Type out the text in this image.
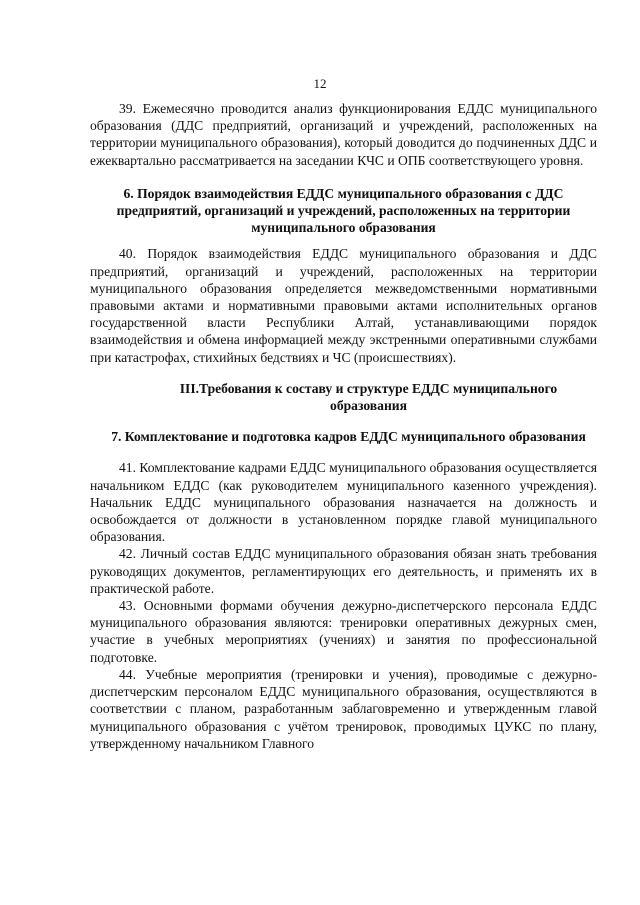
12

39. Ежемесячно проводится анализ функционирования ЕДДС муниципального образования (ДДС предприятий, организаций и учреждений, расположенных на территории муниципального образования), который доводится до подчиненных ДДС и ежеквартально рассматривается на заседании КЧС и ОПБ соответствующего уровня.

6. Порядок взаимодействия ЕДДС муниципального образования с ДДС предприятий, организаций и учреждений, расположенных на территории муниципального образования

40. Порядок взаимодействия ЕДДС муниципального образования и ДДС предприятий, организаций и учреждений, расположенных на территории муниципального образования определяется межведомственными нормативными правовыми актами и нормативными правовыми актами исполнительных органов государственной власти Республики Алтай, устанавливающими порядок взаимодействия и обмена информацией между экстренными оперативными службами при катастрофах, стихийных бедствиях и ЧС (происшествиях).

III.Требования к составу и структуре ЕДДС муниципального образования

7. Комплектование и подготовка кадров ЕДДС муниципального образования

41. Комплектование кадрами ЕДДС муниципального образования осуществляется начальником ЕДДС (как руководителем муниципального казенного учреждения). Начальник ЕДДС муниципального образования назначается на должность и освобождается от должности в установленном порядке главой муниципального образования.

42. Личный состав ЕДДС муниципального образования обязан знать требования руководящих документов, регламентирующих его деятельность, и применять их в практической работе.

43. Основными формами обучения дежурно-диспетчерского персонала ЕДДС муниципального образования являются: тренировки оперативных дежурных смен, участие в учебных мероприятиях (учениях) и занятия по профессиональной подготовке.

44. Учебные мероприятия (тренировки и учения), проводимые с дежурно-диспетчерским персоналом ЕДДС муниципального образования, осуществляются в соответствии с планом, разработанным заблаговременно и утвержденным главой муниципального образования с учётом тренировок, проводимых ЦУКС по плану, утвержденному начальником Главного
